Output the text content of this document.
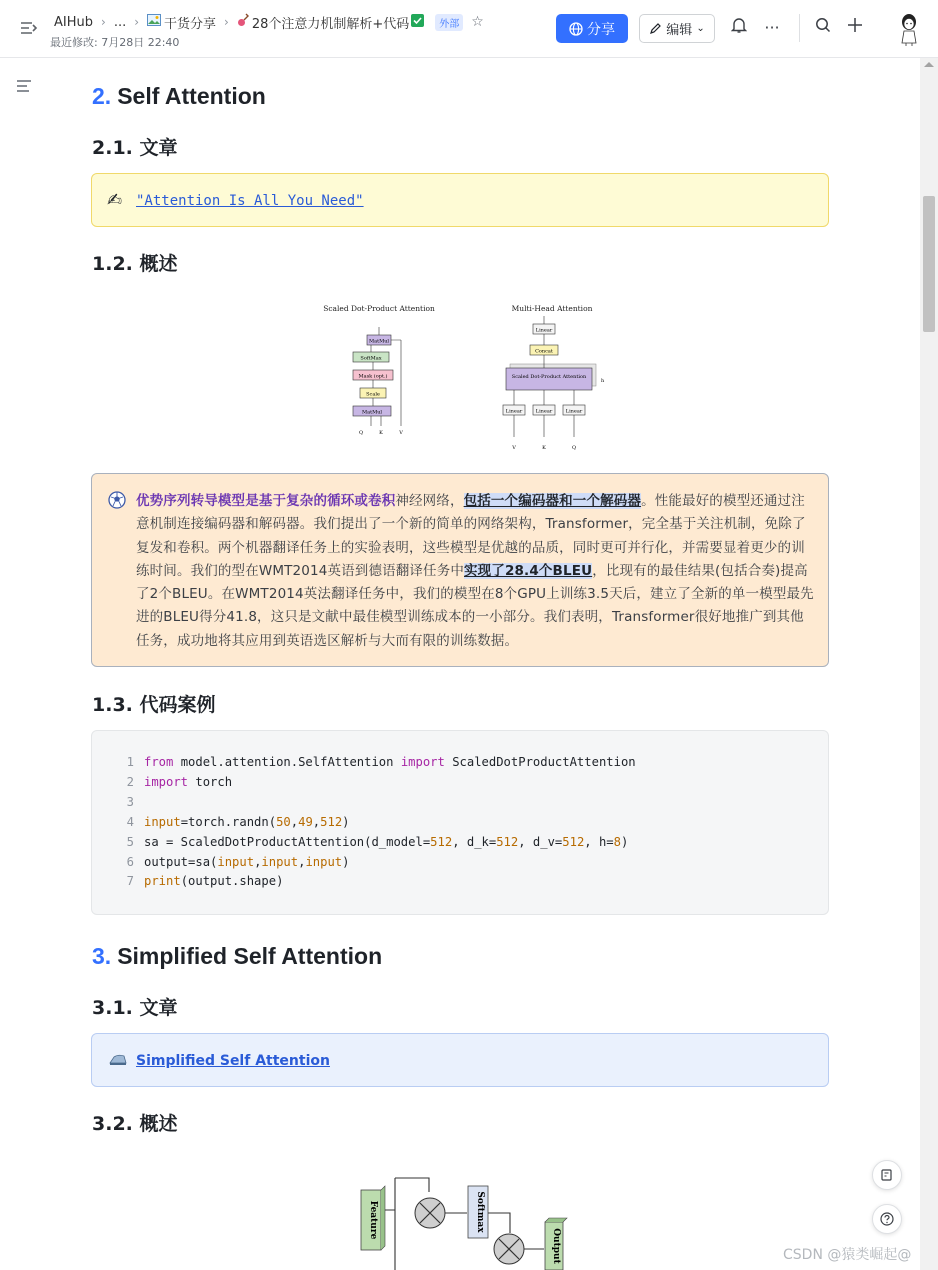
AIHub › ... › 干货分享 › 28个注意力机制解析+代码	外部 ☆
最近修改: 7月28日 22:40
分享	编辑 ⌄	···
2. Self Attention
2.1. 文章
✍ "Attention Is All You Need"
1.2. 概述
Scaled Dot-Product Attention	Multi-Head Attention
MatMul
SoftMax
Mask (opt.)
Scale
MatMul
Q	K	V
Linear
Concat
Scaled Dot-Product Attention
h
Linear	Linear	Linear
V	K	Q
优势序列转导模型是基于复杂的循环或卷积神经网络，包括一个编码器和一个解码器。性能最好的模型还通过注意机制连接编码器和解码器。我们提出了一个新的简单的网络架构，Transformer，完全基于关注机制，免除了复发和卷积。两个机器翻译任务上的实验表明，这些模型是优越的品质，同时更可并行化，并需要显着更少的训练时间。我们的型在WMT2014英语到德语翻译任务中实现了28.4个BLEU，比现有的最佳结果(包括合奏)提高了2个BLEU。在WMT2014英法翻译任务中，我们的模型在8个GPU上训练3.5天后，建立了全新的单一模型最先进的BLEU得分41.8，这只是文献中最佳模型训练成本的一小部分。我们表明，Transformer很好地推广到其他任务，成功地将其应用到英语选区解析与大而有限的训练数据。
1.3. 代码案例
1 from model.attention.SelfAttention import ScaledDotProductAttention
2 import torch
3
4 input=torch.randn(50,49,512)
5 sa = ScaledDotProductAttention(d_model=512, d_k=512, d_v=512, h=8)
6 output=sa(input,input,input)
7 print(output.shape)
3. Simplified Self Attention
3.1. 文章
Simplified Self Attention
3.2. 概述
Feature	Softmax
Output	CSDN @猿类崛起@
